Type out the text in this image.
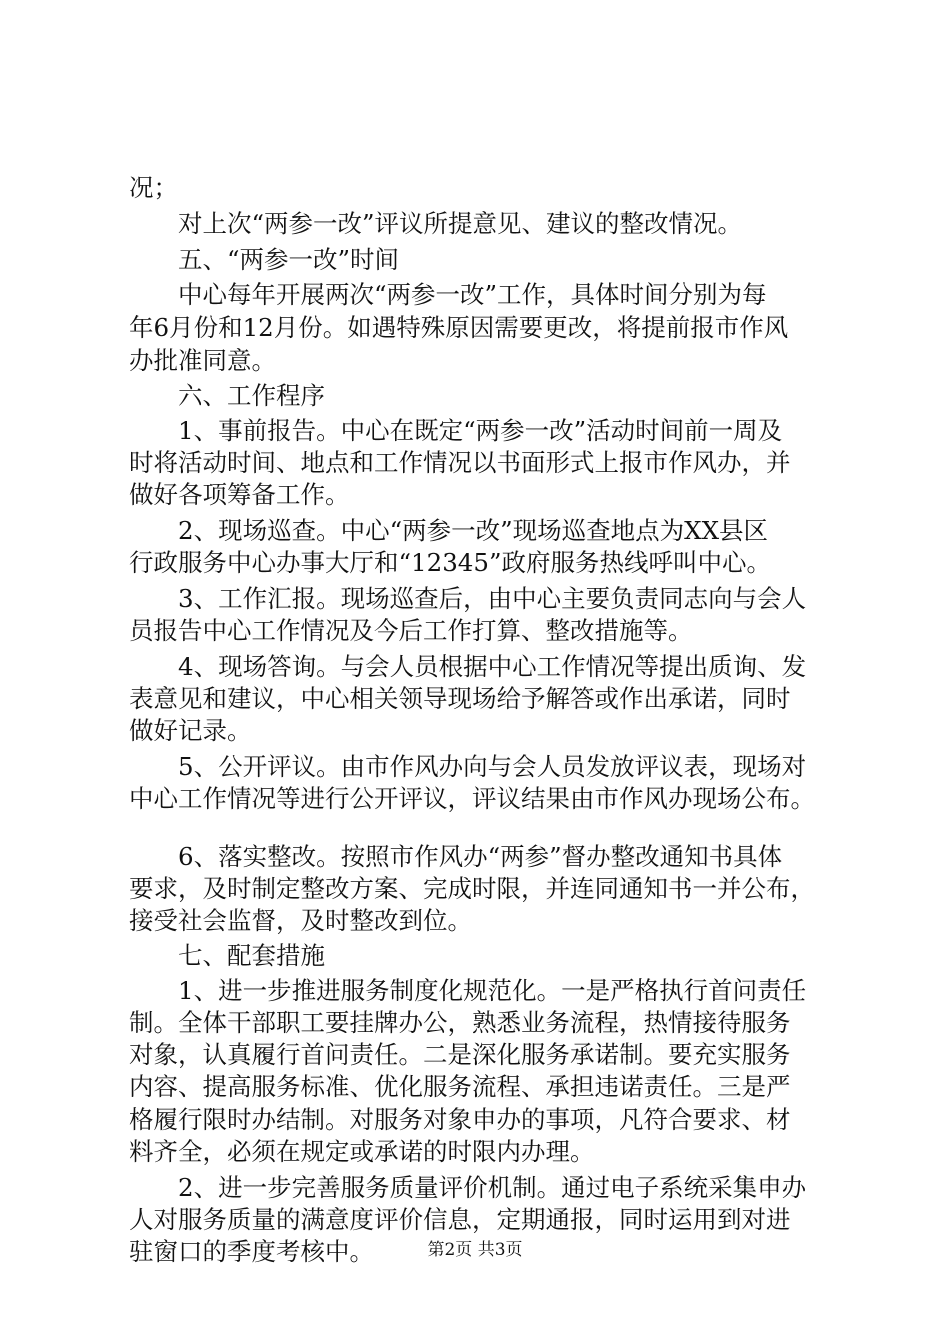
况；
　　对上次“两参一改”评议所提意见、建议的整改情况。
　　五、“两参一改”时间
　　中心每年开展两次“两参一改”工作，具体时间分别为每
年6月份和12月份。如遇特殊原因需要更改，将提前报市作风
办批准同意。
　　六、工作程序
　　1、事前报告。中心在既定“两参一改”活动时间前一周及
时将活动时间、地点和工作情况以书面形式上报市作风办，并
做好各项筹备工作。
　　2、现场巡查。中心“两参一改”现场巡查地点为XX县区
行政服务中心办事大厅和“12345”政府服务热线呼叫中心。
　　3、工作汇报。现场巡查后，由中心主要负责同志向与会人
员报告中心工作情况及今后工作打算、整改措施等。
　　4、现场答询。与会人员根据中心工作情况等提出质询、发
表意见和建议，中心相关领导现场给予解答或作出承诺，同时
做好记录。
　　5、公开评议。由市作风办向与会人员发放评议表，现场对
中心工作情况等进行公开评议，评议结果由市作风办现场公布。
　　6、落实整改。按照市作风办“两参”督办整改通知书具体
要求，及时制定整改方案、完成时限，并连同通知书一并公布，
接受社会监督，及时整改到位。
　　七、配套措施
　　1、进一步推进服务制度化规范化。一是严格执行首问责任
制。全体干部职工要挂牌办公，熟悉业务流程，热情接待服务
对象，认真履行首问责任。二是深化服务承诺制。要充实服务
内容、提高服务标准、优化服务流程、承担违诺责任。三是严
格履行限时办结制。对服务对象申办的事项，凡符合要求、材
料齐全，必须在规定或承诺的时限内办理。
　　2、进一步完善服务质量评价机制。通过电子系统采集申办
人对服务质量的满意度评价信息，定期通报，同时运用到对进
驻窗口的季度考核中。	第2页 共3页
